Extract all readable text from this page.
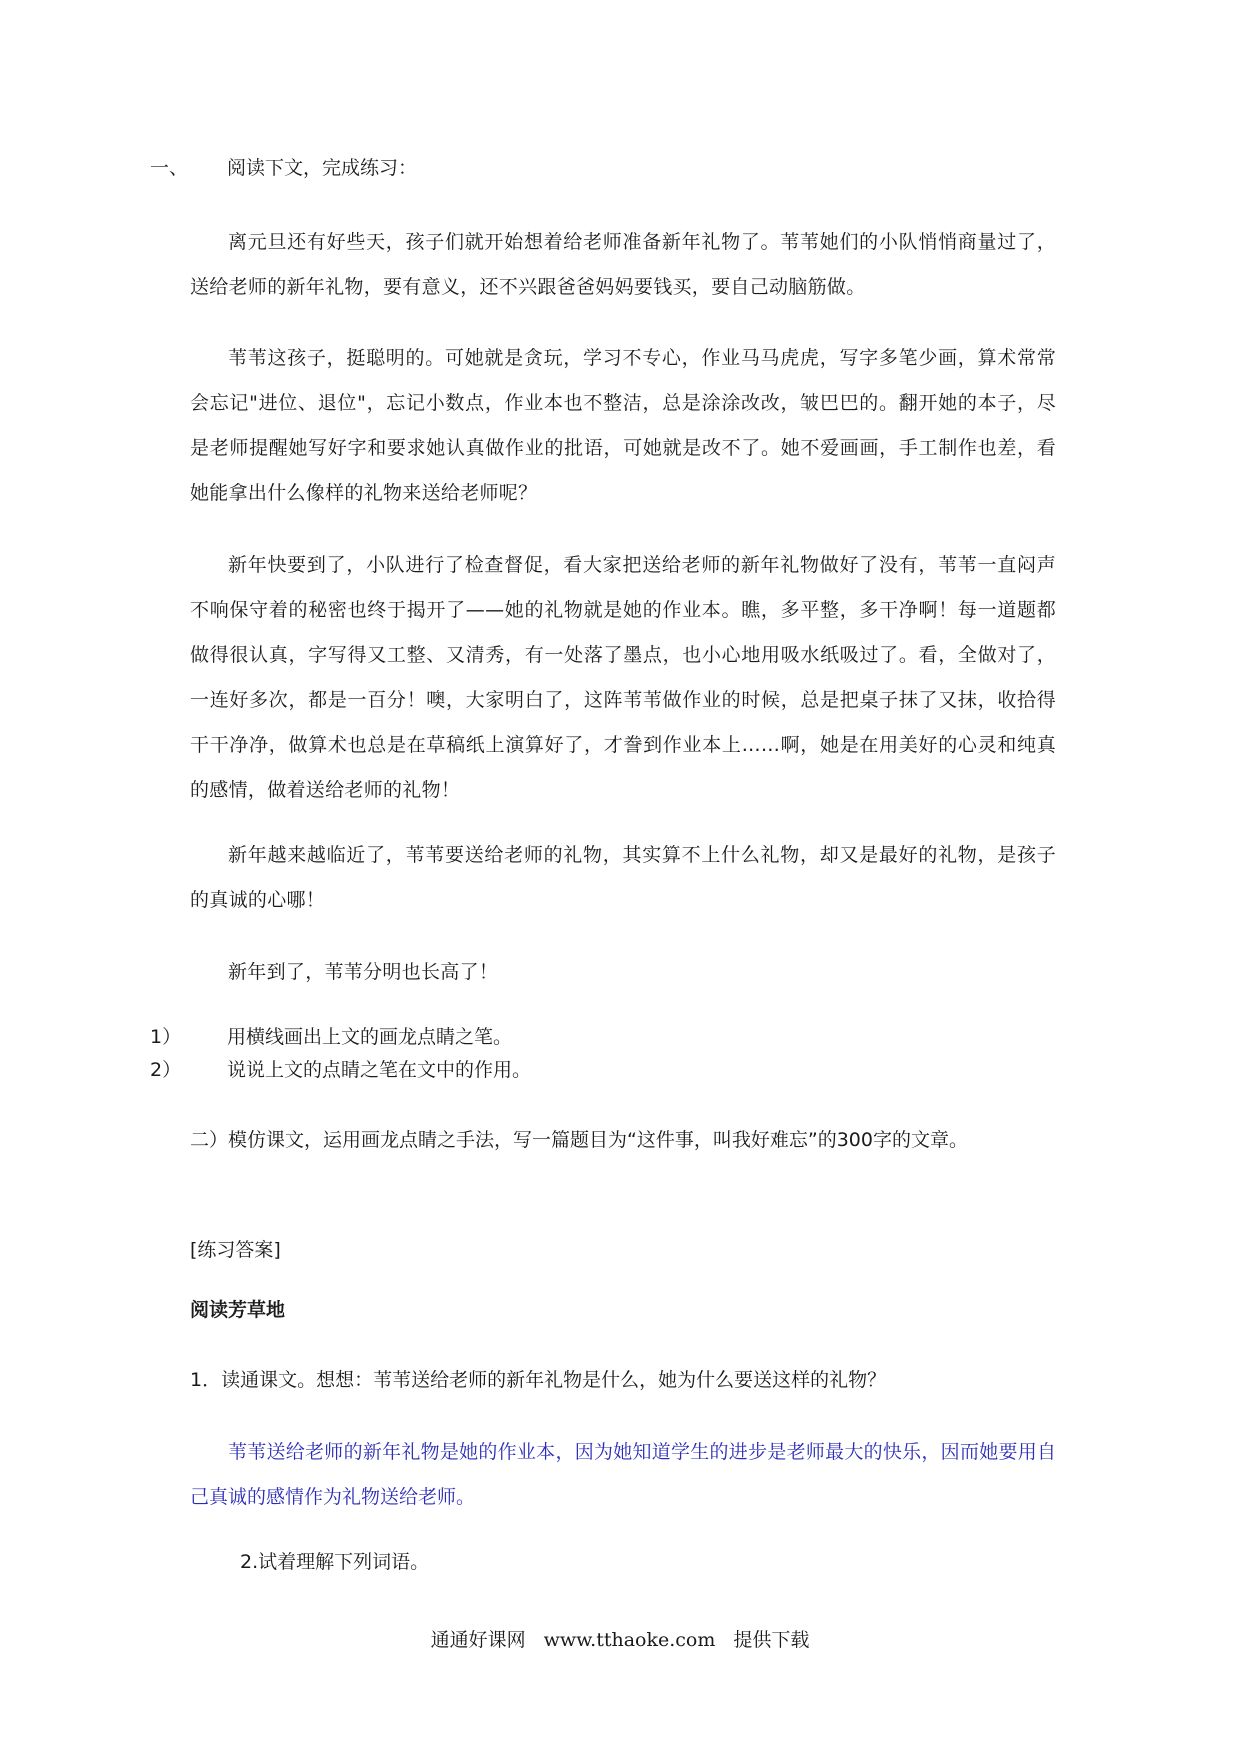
一、 阅读下文，完成练习：

离元旦还有好些天，孩子们就开始想着给老师准备新年礼物了。苇苇她们的小队悄悄商量过了，送给老师的新年礼物，要有意义，还不兴跟爸爸妈妈要钱买，要自己动脑筋做。

苇苇这孩子，挺聪明的。可她就是贪玩，学习不专心，作业马马虎虎，写字多笔少画，算术常常会忘记"进位、退位"，忘记小数点，作业本也不整洁，总是涂涂改改，皱巴巴的。翻开她的本子，尽是老师提醒她写好字和要求她认真做作业的批语，可她就是改不了。她不爱画画，手工制作也差，看她能拿出什么像样的礼物来送给老师呢？

新年快要到了，小队进行了检查督促，看大家把送给老师的新年礼物做好了没有，苇苇一直闷声不响保守着的秘密也终于揭开了——她的礼物就是她的作业本。瞧，多平整，多干净啊！每一道题都做得很认真，字写得又工整、又清秀，有一处落了墨点，也小心地用吸水纸吸过了。看，全做对了，一连好多次，都是一百分！噢，大家明白了，这阵苇苇做作业的时候，总是把桌子抹了又抹，收拾得干干净净，做算术也总是在草稿纸上演算好了，才誊到作业本上……啊，她是在用美好的心灵和纯真的感情，做着送给老师的礼物！

新年越来越临近了，苇苇要送给老师的礼物，其实算不上什么礼物，却又是最好的礼物，是孩子的真诚的心哪！

新年到了，苇苇分明也长高了！

1） 用横线画出上文的画龙点睛之笔。
2） 说说上文的点睛之笔在文中的作用。
二）模仿课文，运用画龙点睛之手法，写一篇题目为“这件事，叫我好难忘”的300字的文章。
[练习答案]
阅读芳草地
1．读通课文。想想：苇苇送给老师的新年礼物是什么，她为什么要送这样的礼物？

苇苇送给老师的新年礼物是她的作业本，因为她知道学生的进步是老师最大的快乐，因而她要用自己真诚的感情作为礼物送给老师。

2.试着理解下列词语。
通通好课网 www.tthaoke.com 提供下载
